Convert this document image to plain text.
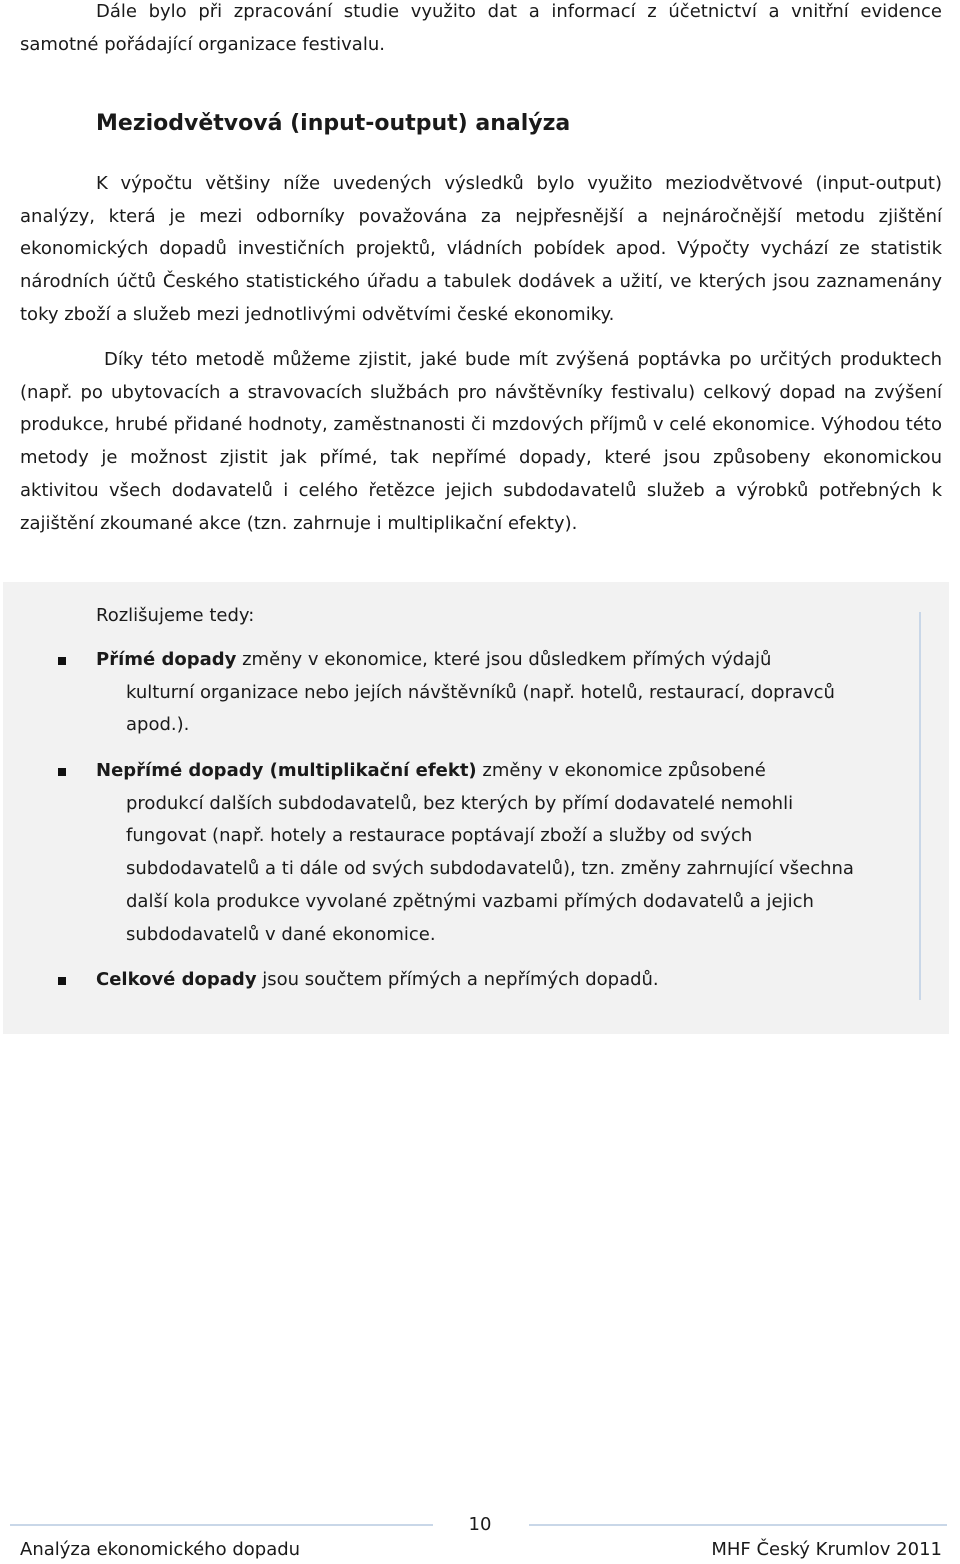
Dále bylo při zpracování studie využito dat a informací z účetnictví a vnitřní evidence samotné pořádající organizace festivalu.

Meziodvětvová (input-output) analýza

K výpočtu většiny níže uvedených výsledků bylo využito meziodvětvové (input-output) analýzy, která je mezi odborníky považována za nejpřesnější a nejnáročnější metodu zjištění ekonomických dopadů investičních projektů, vládních pobídek apod. Výpočty vychází ze statistik národních účtů Českého statistického úřadu a tabulek dodávek a užití, ve kterých jsou zaznamenány toky zboží a služeb mezi jednotlivými odvětvími české ekonomiky.

Díky této metodě můžeme zjistit, jaké bude mít zvýšená poptávka po určitých produktech (např. po ubytovacích a stravovacích službách pro návštěvníky festivalu) celkový dopad na zvýšení produkce, hrubé přidané hodnoty, zaměstnanosti či mzdových příjmů v celé ekonomice. Výhodou této metody je možnost zjistit jak přímé, tak nepřímé dopady, které jsou způsobeny ekonomickou aktivitou všech dodavatelů i celého řetězce jejich subdodavatelů služeb a výrobků potřebných k zajištění zkoumané akce (tzn. zahrnuje i multiplikační efekty).

Rozlišujeme tedy:

Přímé dopady změny v ekonomice, které jsou důsledkem přímých výdajů
kulturní organizace nebo jejích návštěvníků (např. hotelů, restaurací, dopravců apod.).

Nepřímé dopady (multiplikační efekt) změny v ekonomice způsobené
produkcí dalších subdodavatelů, bez kterých by přímí dodavatelé nemohli fungovat (např. hotely a restaurace poptávají zboží a služby od svých subdodavatelů a ti dále od svých subdodavatelů), tzn. změny zahrnující všechna další kola produkce vyvolané zpětnými vazbami přímých dodavatelů a jejich subdodavatelů v dané ekonomice.

Celkové dopady jsou součtem přímých a nepřímých dopadů.

10
Analýza ekonomického dopadu	MHF Český Krumlov 2011
